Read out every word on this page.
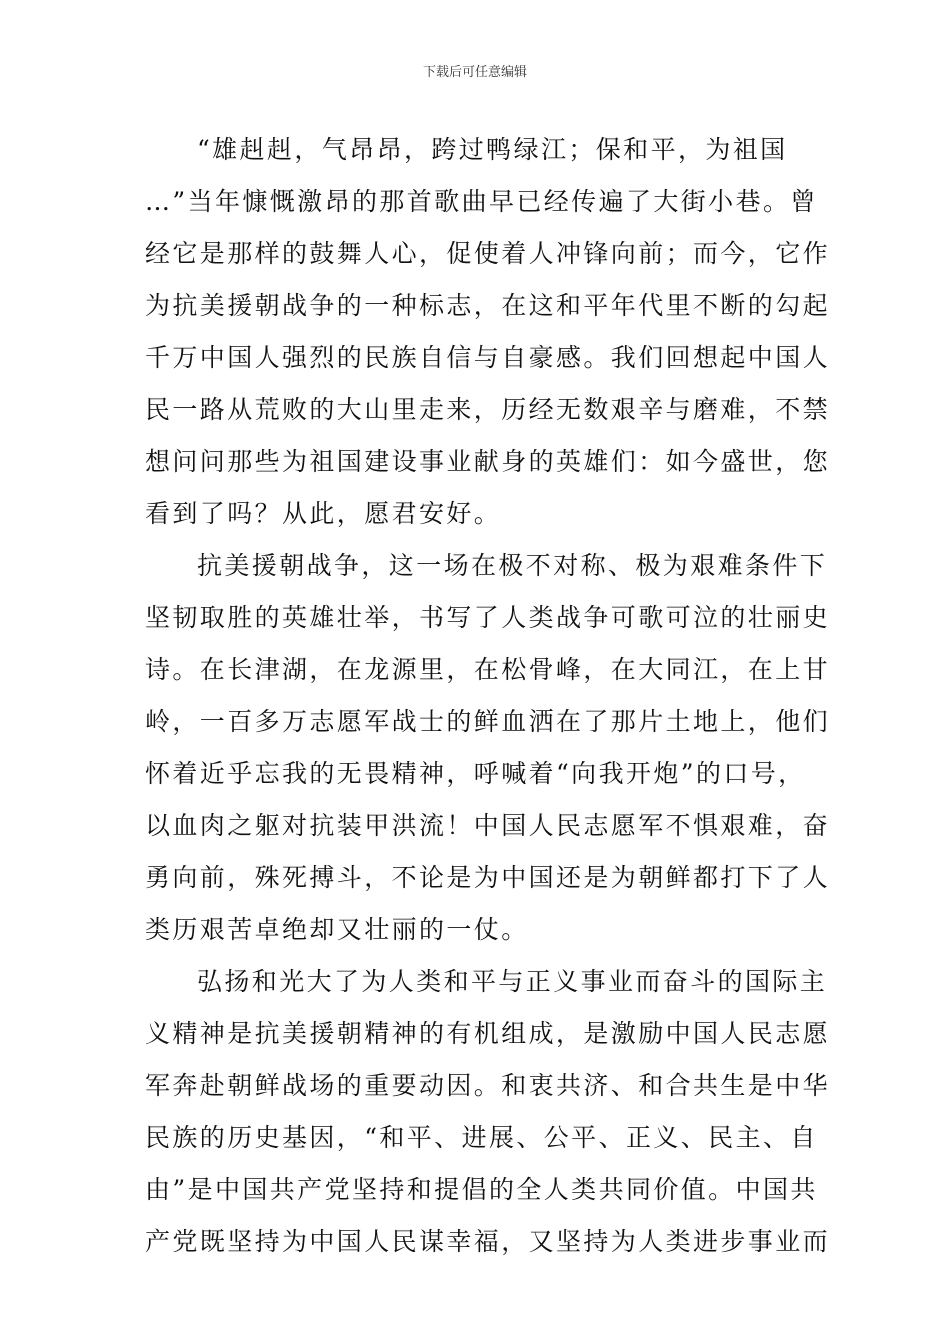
下载后可任意编辑
“雄赳赳，气昂昂，跨过鸭绿江；保和平，为祖国
…”当年慷慨激昂的那首歌曲早已经传遍了大街小巷。曾
经它是那样的鼓舞人心，促使着人冲锋向前；而今，它作
为抗美援朝战争的一种标志，在这和平年代里不断的勾起
千万中国人强烈的民族自信与自豪感。我们回想起中国人
民一路从荒败的大山里走来，历经无数艰辛与磨难，不禁
想问问那些为祖国建设事业献身的英雄们：如今盛世，您
看到了吗？从此，愿君安好。
抗美援朝战争，这一场在极不对称、极为艰难条件下
坚韧取胜的英雄壮举，书写了人类战争可歌可泣的壮丽史
诗。在长津湖，在龙源里，在松骨峰，在大同江，在上甘
岭，一百多万志愿军战士的鲜血洒在了那片土地上，他们
怀着近乎忘我的无畏精神，呼喊着“向我开炮”的口号，
以血肉之躯对抗装甲洪流！中国人民志愿军不惧艰难，奋
勇向前，殊死搏斗，不论是为中国还是为朝鲜都打下了人
类历艰苦卓绝却又壮丽的一仗。
弘扬和光大了为人类和平与正义事业而奋斗的国际主
义精神是抗美援朝精神的有机组成，是激励中国人民志愿
军奔赴朝鲜战场的重要动因。和衷共济、和合共生是中华
民族的历史基因，“和平、进展、公平、正义、民主、自
由”是中国共产党坚持和提倡的全人类共同价值。中国共
产党既坚持为中国人民谋幸福，又坚持为人类进步事业而
